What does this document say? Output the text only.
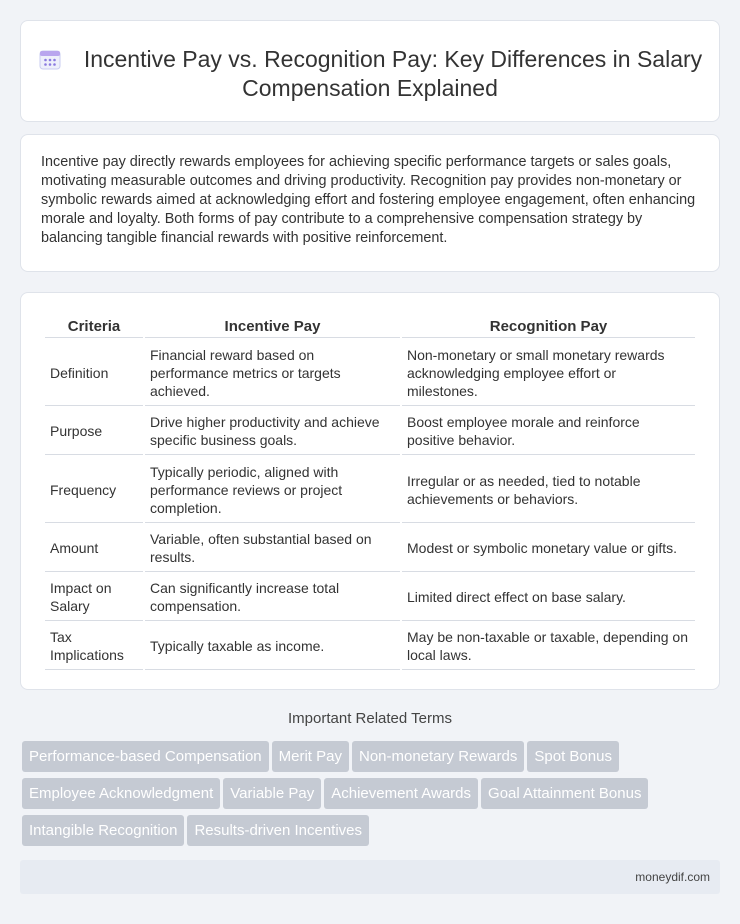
Incentive Pay vs. Recognition Pay: Key Differences in Salary Compensation Explained

Incentive pay directly rewards employees for achieving specific performance targets or sales goals, motivating measurable outcomes and driving productivity. Recognition pay provides non-monetary or symbolic rewards aimed at acknowledging effort and fostering employee engagement, often enhancing morale and loyalty. Both forms of pay contribute to a comprehensive compensation strategy by balancing tangible financial rewards with positive reinforcement.

Criteria	Incentive Pay	Recognition Pay
Definition	Financial reward based on performance metrics or targets achieved.	Non-monetary or small monetary rewards acknowledging employee effort or milestones.
Purpose	Drive higher productivity and achieve specific business goals.	Boost employee morale and reinforce positive behavior.
Frequency	Typically periodic, aligned with performance reviews or project completion.	Irregular or as needed, tied to notable achievements or behaviors.
Amount	Variable, often substantial based on results.	Modest or symbolic monetary value or gifts.
Impact on Salary	Can significantly increase total compensation.	Limited direct effect on base salary.
Tax Implications	Typically taxable as income.	May be non-taxable or taxable, depending on local laws.
Important Related Terms
Performance-based Compensation Merit Pay Non-monetary Rewards Spot Bonus
Employee Acknowledgment Variable Pay Achievement Awards Goal Attainment Bonus
Intangible Recognition Results-driven Incentives
moneydif.com
